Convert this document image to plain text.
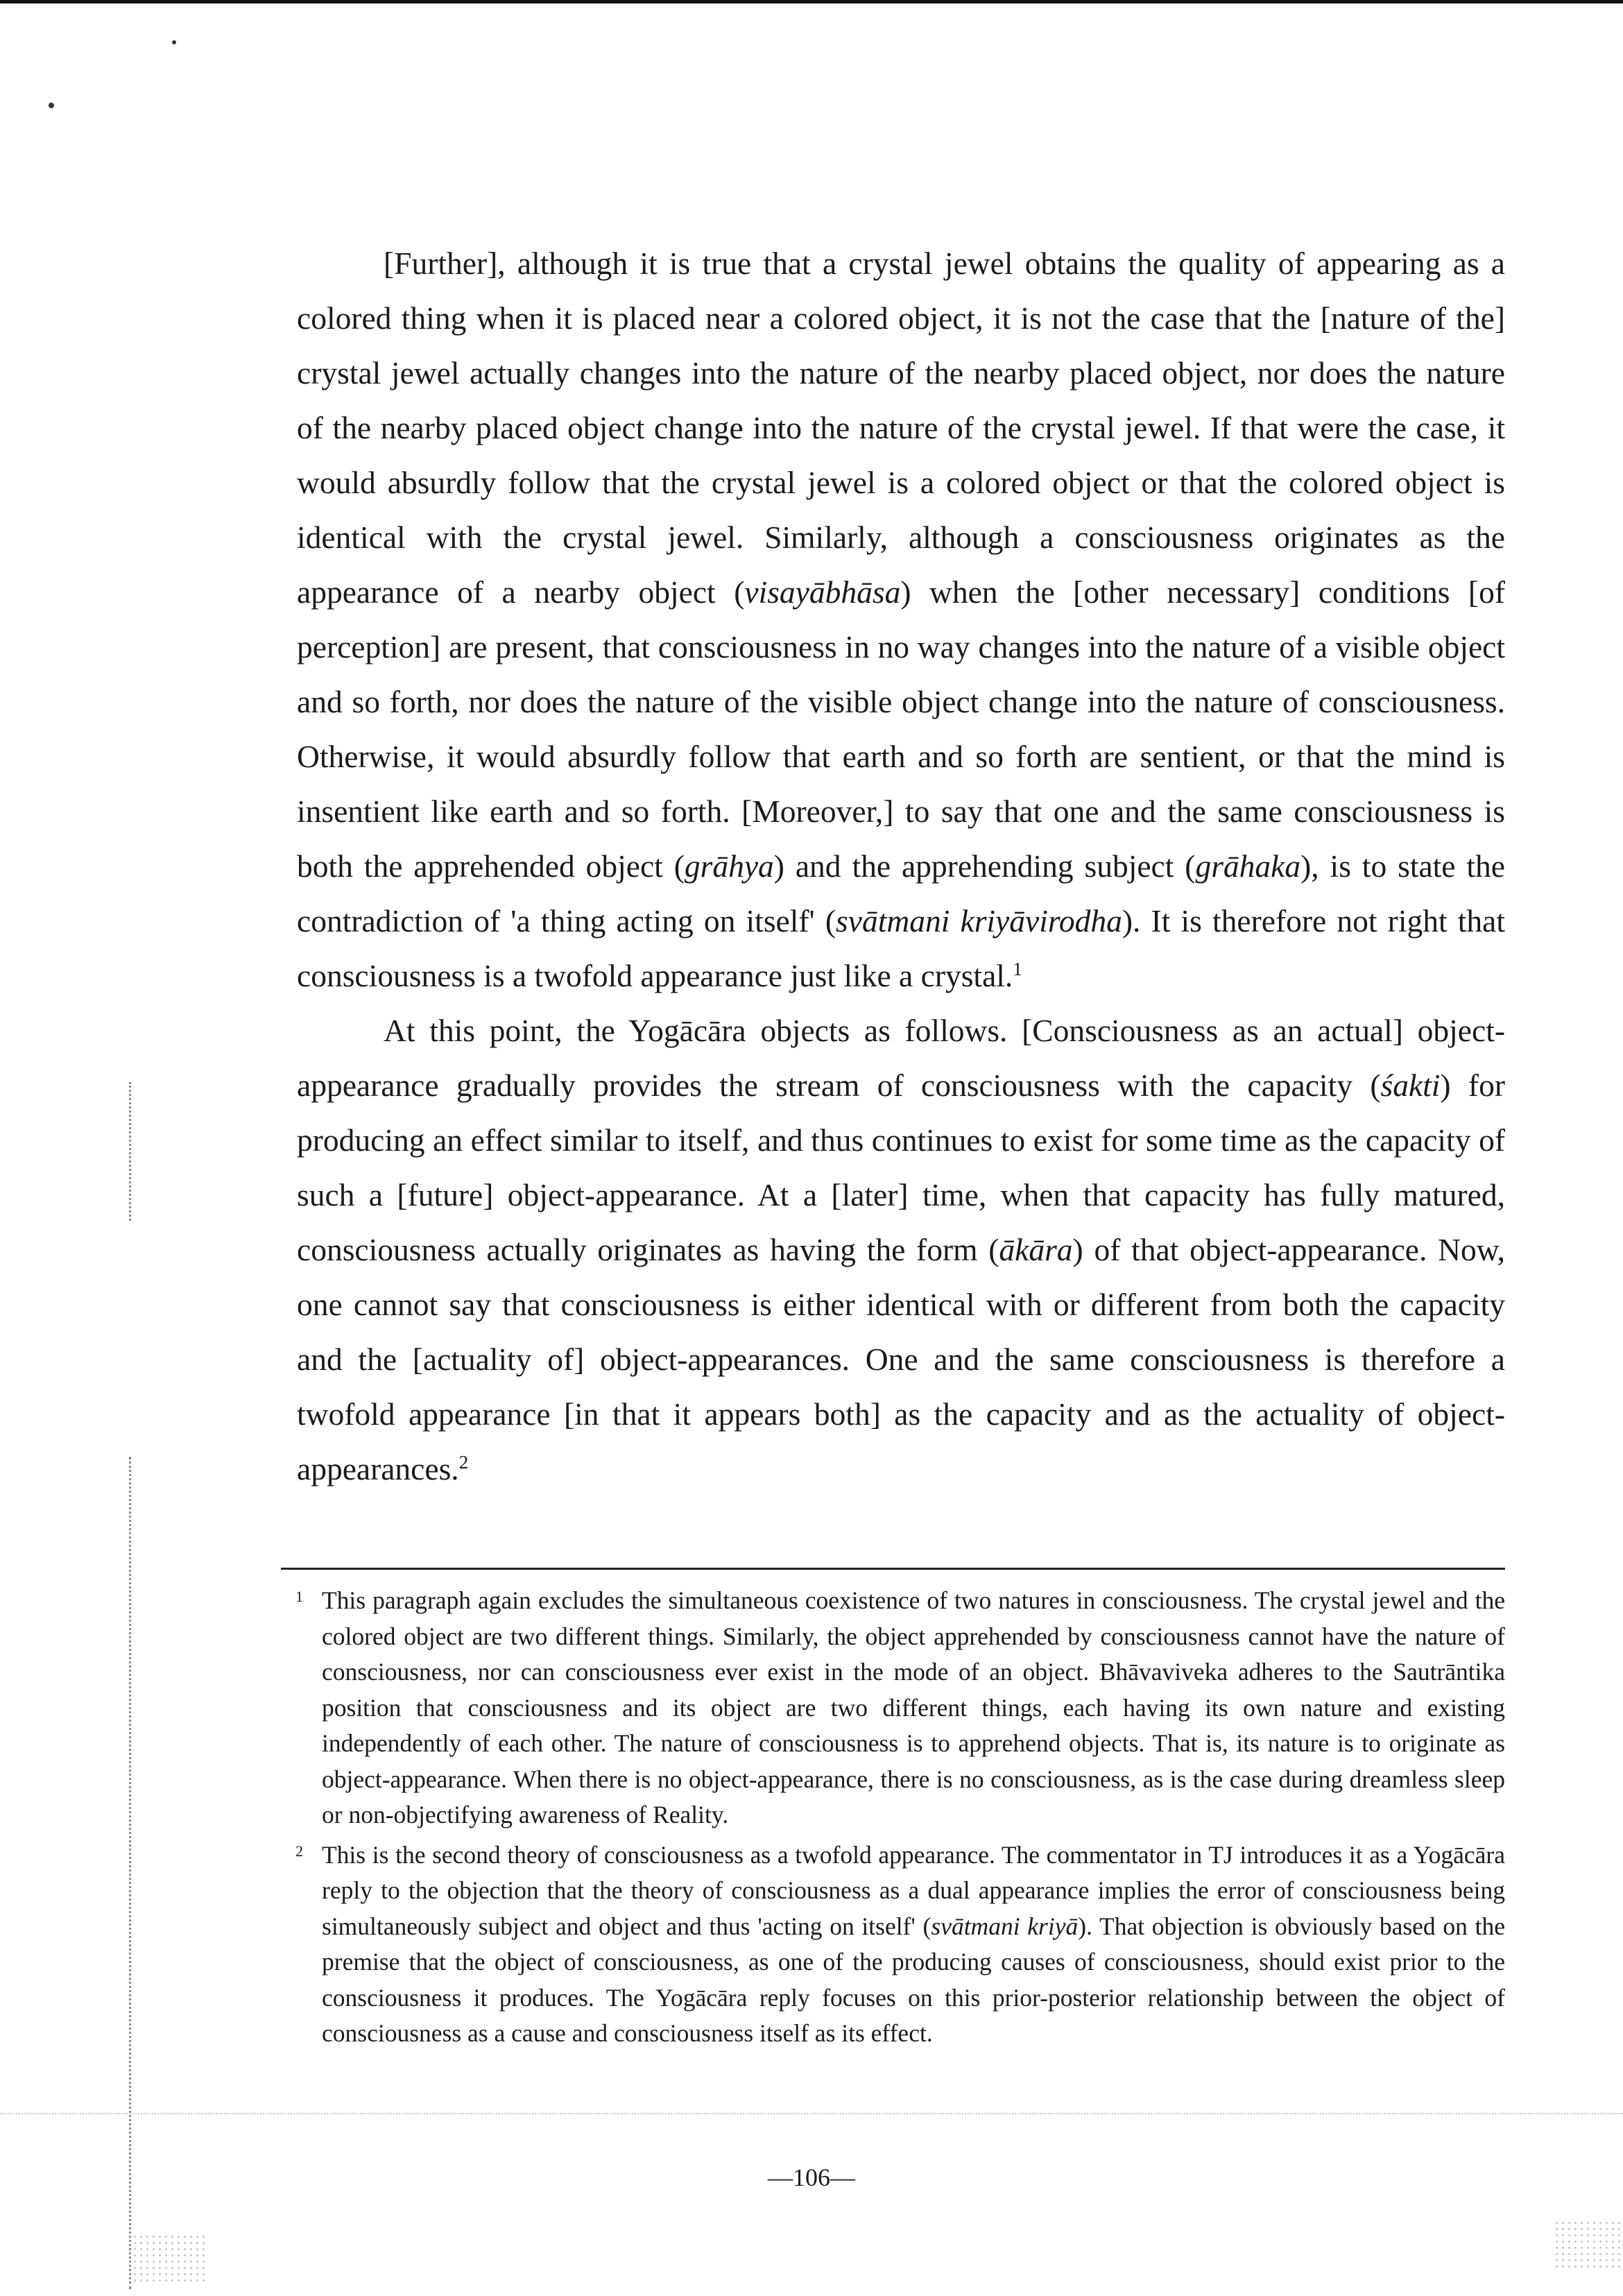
[Further], although it is true that a crystal jewel obtains the quality of appearing as a colored thing when it is placed near a colored object, it is not the case that the [nature of the] crystal jewel actually changes into the nature of the nearby placed object, nor does the nature of the nearby placed object change into the nature of the crystal jewel. If that were the case, it would absurdly follow that the crystal jewel is a colored object or that the colored object is identical with the crystal jewel. Similarly, although a consciousness originates as the appearance of a nearby object (visayābhāsa) when the [other necessary] conditions [of perception] are present, that consciousness in no way changes into the nature of a visible object and so forth, nor does the nature of the visible object change into the nature of consciousness. Otherwise, it would absurdly follow that earth and so forth are sentient, or that the mind is insentient like earth and so forth. [Moreover,] to say that one and the same consciousness is both the apprehended object (grāhya) and the apprehending subject (grāhaka), is to state the contradiction of 'a thing acting on itself' (svātmani kriyāvirodha). It is therefore not right that consciousness is a twofold appearance just like a crystal.$^1$

At this point, the Yogācāra objects as follows. [Consciousness as an actual] object-appearance gradually provides the stream of consciousness with the capacity (śakti) for producing an effect similar to itself, and thus continues to exist for some time as the capacity of such a [future] object-appearance. At a [later] time, when that capacity has fully matured, consciousness actually originates as having the form (ākāra) of that object-appearance. Now, one cannot say that consciousness is either identical with or different from both the capacity and the [actuality of] object-appearances. One and the same consciousness is therefore a twofold appearance [in that it appears both] as the capacity and as the actuality of object-appearances.$^2$

1 This paragraph again excludes the simultaneous coexistence of two natures in consciousness. The crystal jewel and the colored object are two different things. Similarly, the object apprehended by consciousness cannot have the nature of consciousness, nor can consciousness ever exist in the mode of an object. Bhāvaviveka adheres to the Sautrāntika position that consciousness and its object are two different things, each having its own nature and existing independently of each other. The nature of consciousness is to apprehend objects. That is, its nature is to originate as object-appearance. When there is no object-appearance, there is no consciousness, as is the case during dreamless sleep or non-objectifying awareness of Reality.
2 This is the second theory of consciousness as a twofold appearance. The commentator in TJ introduces it as a Yogācāra reply to the objection that the theory of consciousness as a dual appearance implies the error of consciousness being simultaneously subject and object and thus 'acting on itself' (svātmani kriyā). That objection is obviously based on the premise that the object of consciousness, as one of the producing causes of consciousness, should exist prior to the consciousness it produces. The Yogācāra reply focuses on this prior-posterior relationship between the object of consciousness as a cause and consciousness itself as its effect.
—106—
